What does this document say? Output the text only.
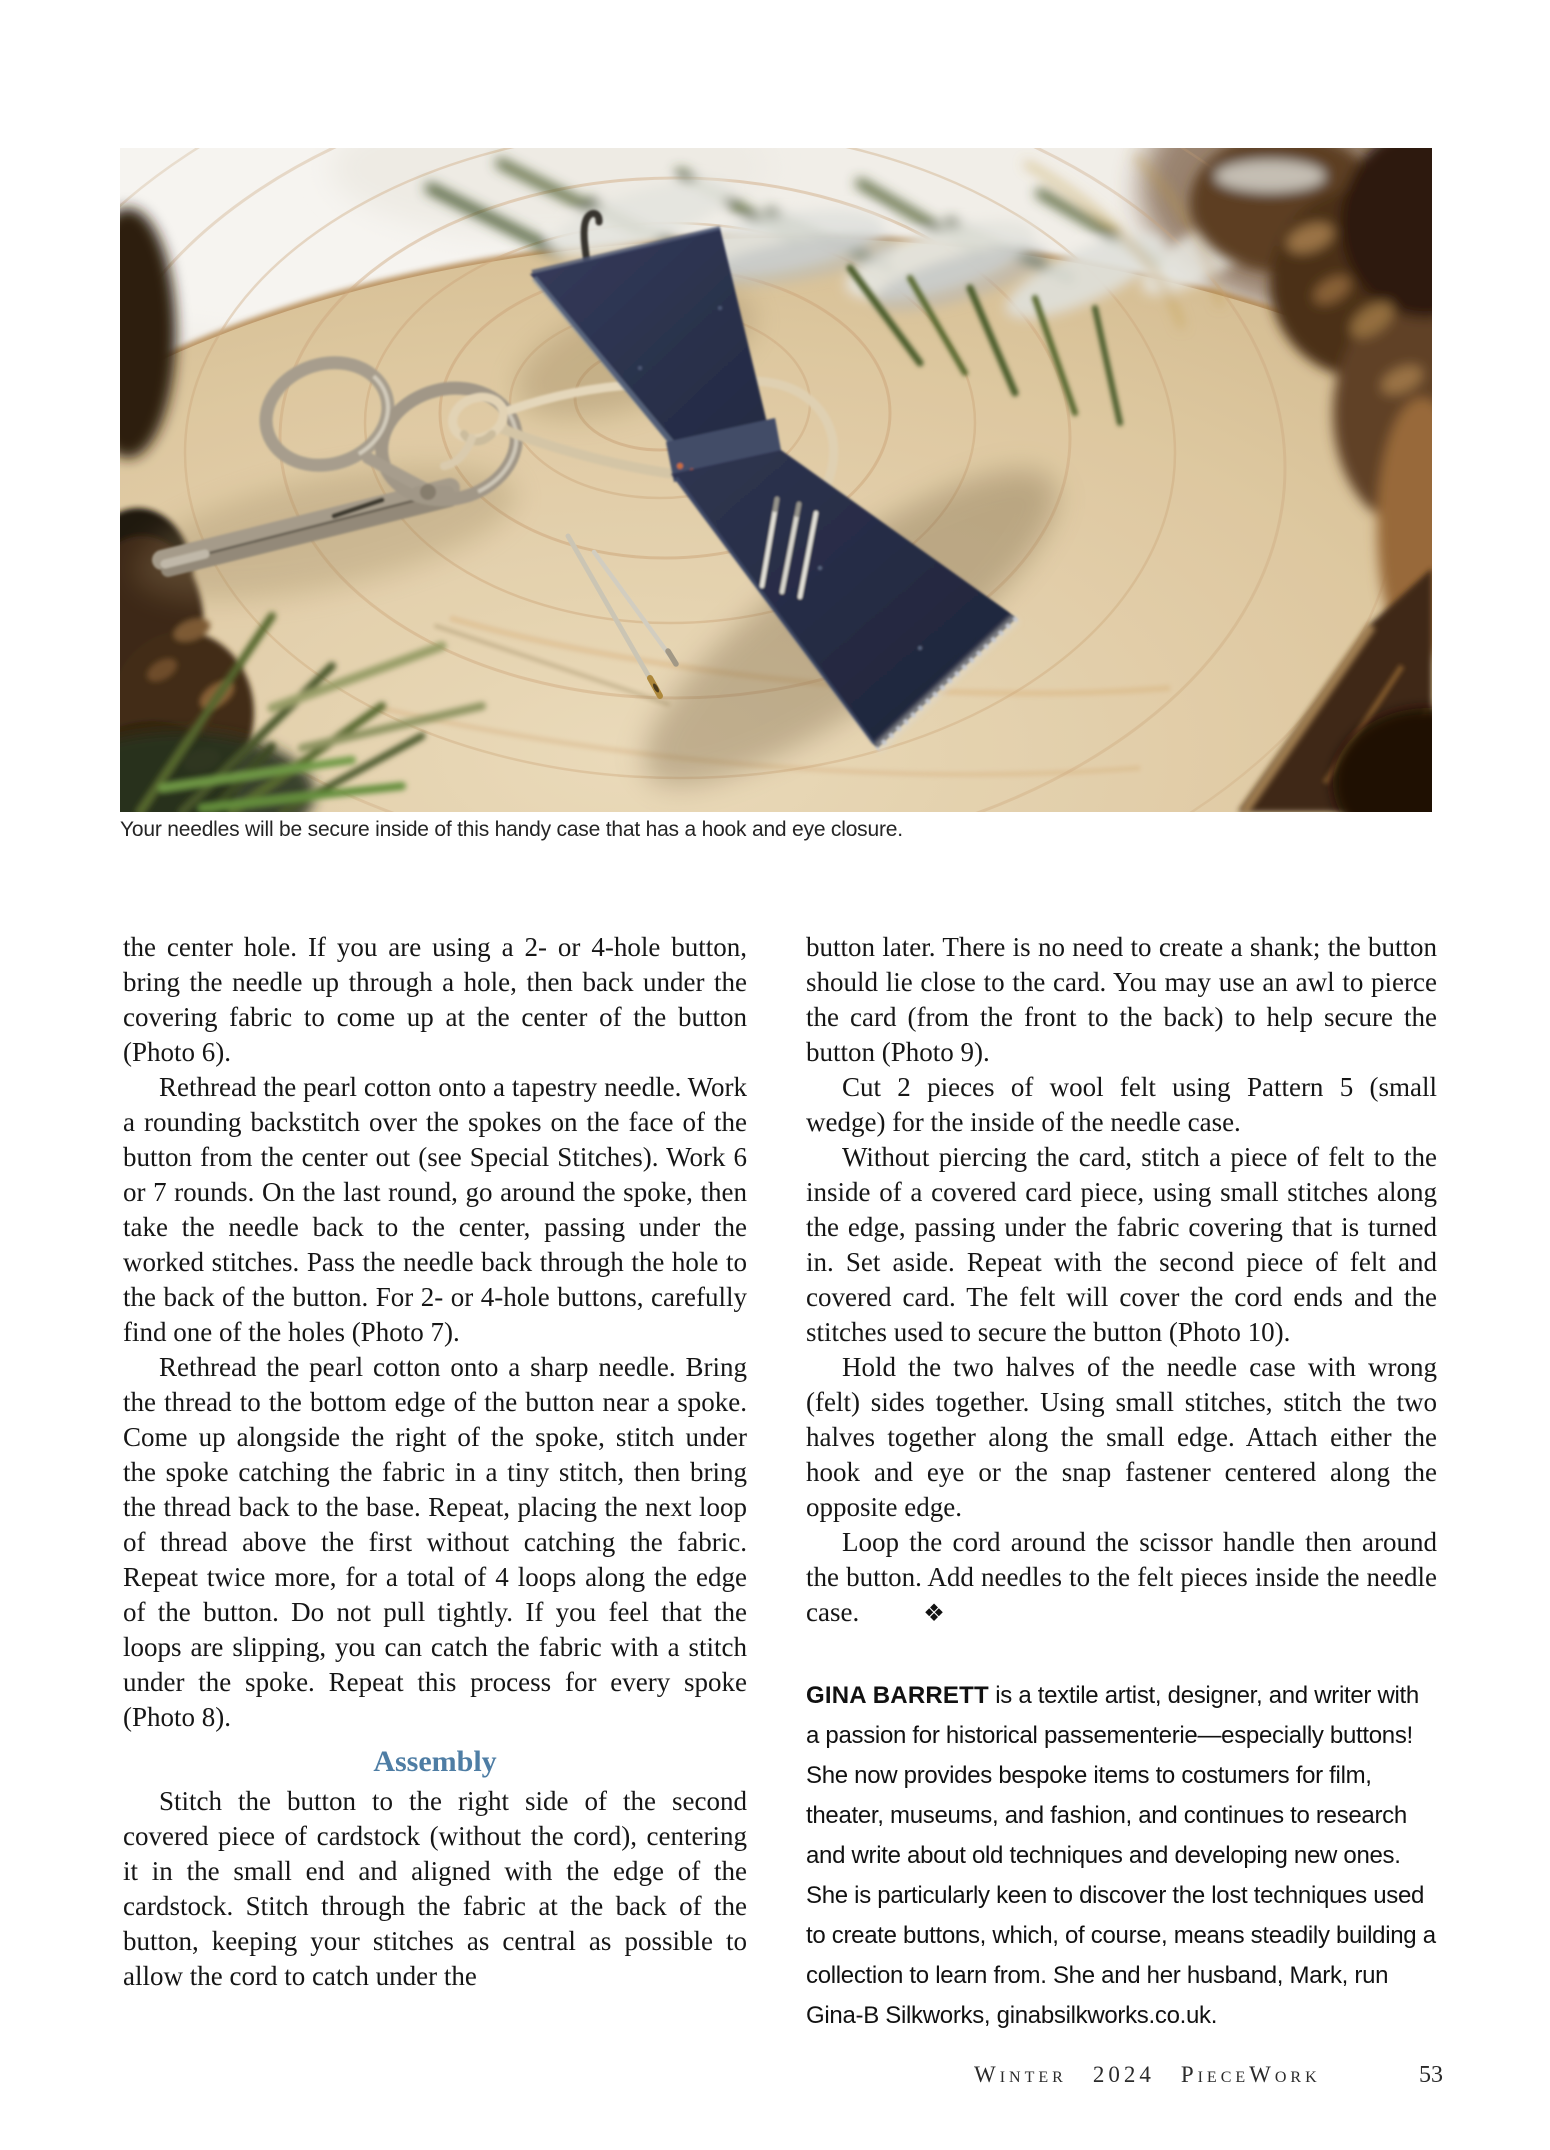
Your needles will be secure inside of this handy case that has a hook and eye closure.

the center hole. If you are using a 2- or 4-hole button, bring the needle up through a hole, then back under the covering fabric to come up at the center of the button (Photo 6).

Rethread the pearl cotton onto a tapestry needle. Work a rounding backstitch over the spokes on the face of the button from the center out (see Special Stitches). Work 6 or 7 rounds. On the last round, go around the spoke, then take the needle back to the center, passing under the worked stitches. Pass the needle back through the hole to the back of the button. For 2- or 4-hole buttons, carefully find one of the holes (Photo 7).

Rethread the pearl cotton onto a sharp needle. Bring the thread to the bottom edge of the button near a spoke. Come up alongside the right of the spoke, stitch under the spoke catching the fabric in a tiny stitch, then bring the thread back to the base. Repeat, placing the next loop of thread above the first without catching the fabric. Repeat twice more, for a total of 4 loops along the edge of the button. Do not pull tightly. If you feel that the loops are slipping, you can catch the fabric with a stitch under the spoke. Repeat this process for every spoke (Photo 8).

Assembly

Stitch the button to the right side of the second covered piece of cardstock (without the cord), centering it in the small end and aligned with the edge of the cardstock. Stitch through the fabric at the back of the button, keeping your stitches as central as possible to allow the cord to catch under the

button later. There is no need to create a shank; the button should lie close to the card. You may use an awl to pierce the card (from the front to the back) to help secure the button (Photo 9).

Cut 2 pieces of wool felt using Pattern 5 (small wedge) for the inside of the needle case.

Without piercing the card, stitch a piece of felt to the inside of a covered card piece, using small stitches along the edge, passing under the fabric covering that is turned in. Set aside. Repeat with the second piece of felt and covered card. The felt will cover the cord ends and the stitches used to secure the button (Photo 10).

Hold the two halves of the needle case with wrong (felt) sides together. Using small stitches, stitch the two halves together along the small edge. Attach either the hook and eye or the snap fastener centered along the opposite edge.

Loop the cord around the scissor handle then around the button. Add needles to the felt pieces inside the needle case.	❖

GINA BARRETT is a textile artist, designer, and writer with a passion for historical passementerie—especially buttons! She now provides bespoke items to costumers for film, theater, museums, and fashion, and continues to research and write about old techniques and developing new ones. She is particularly keen to discover the lost techniques used to create buttons, which, of course, means steadily building a collection to learn from. She and her husband, Mark, run Gina-B Silkworks, ginabsilkworks.co.uk.
Winter 2024 PieceWork	53
